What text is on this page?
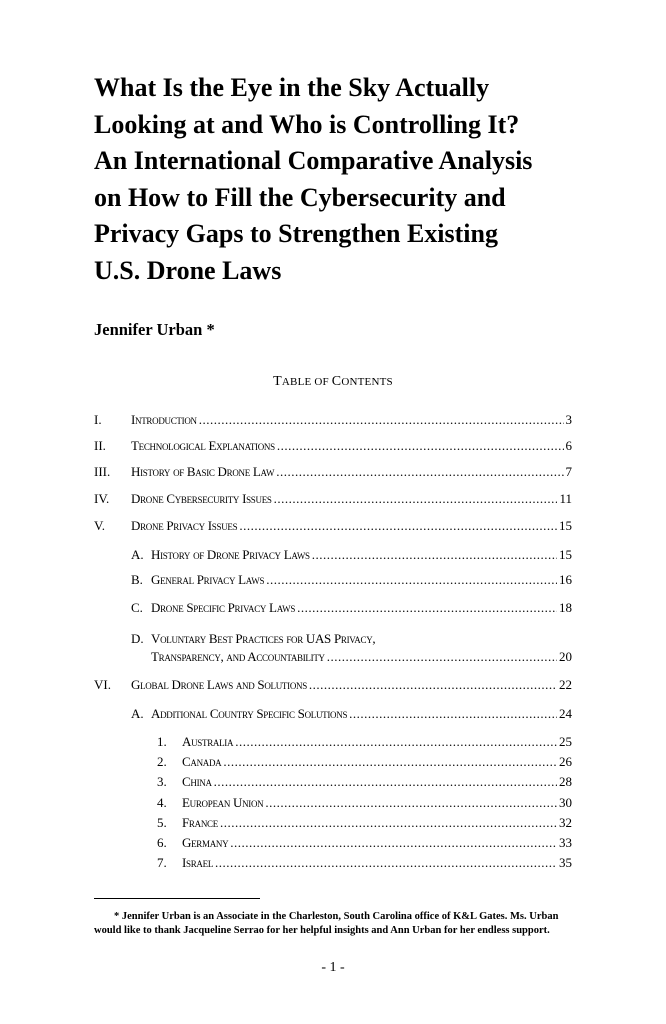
What Is the Eye in the Sky Actually
Looking at and Who is Controlling It?
An International Comparative Analysis
on How to Fill the Cybersecurity and
Privacy Gaps to Strengthen Existing
U.S. Drone Laws
Jennifer Urban *
TABLE OF CONTENTS
I. Introduction .....	3
II. Technological Explanations .....	6
III. History of Basic Drone Law .....	7
IV. Drone Cybersecurity Issues .....	11
V. Drone Privacy Issues .....	15
A. History of Drone Privacy Laws .....	15
B. General Privacy Laws .....	16
C. Drone Specific Privacy Laws .....	18
D. Voluntary Best Practices for UAS Privacy,
Transparency, and Accountability .....	20
VI. Global Drone Laws and Solutions .....	22
A. Additional Country Specific Solutions .....	24
1. Australia .....	25
2. Canada .....	26
3. China .....	28
4. European Union .....	30
5. France .....	32
6. Germany .....	33
7. Israel .....	35
* Jennifer Urban is an Associate in the Charleston, South Carolina office of K&L Gates. Ms. Urban would like to thank Jacqueline Serrao for her helpful insights and Ann Urban for her endless support.
- 1 -
